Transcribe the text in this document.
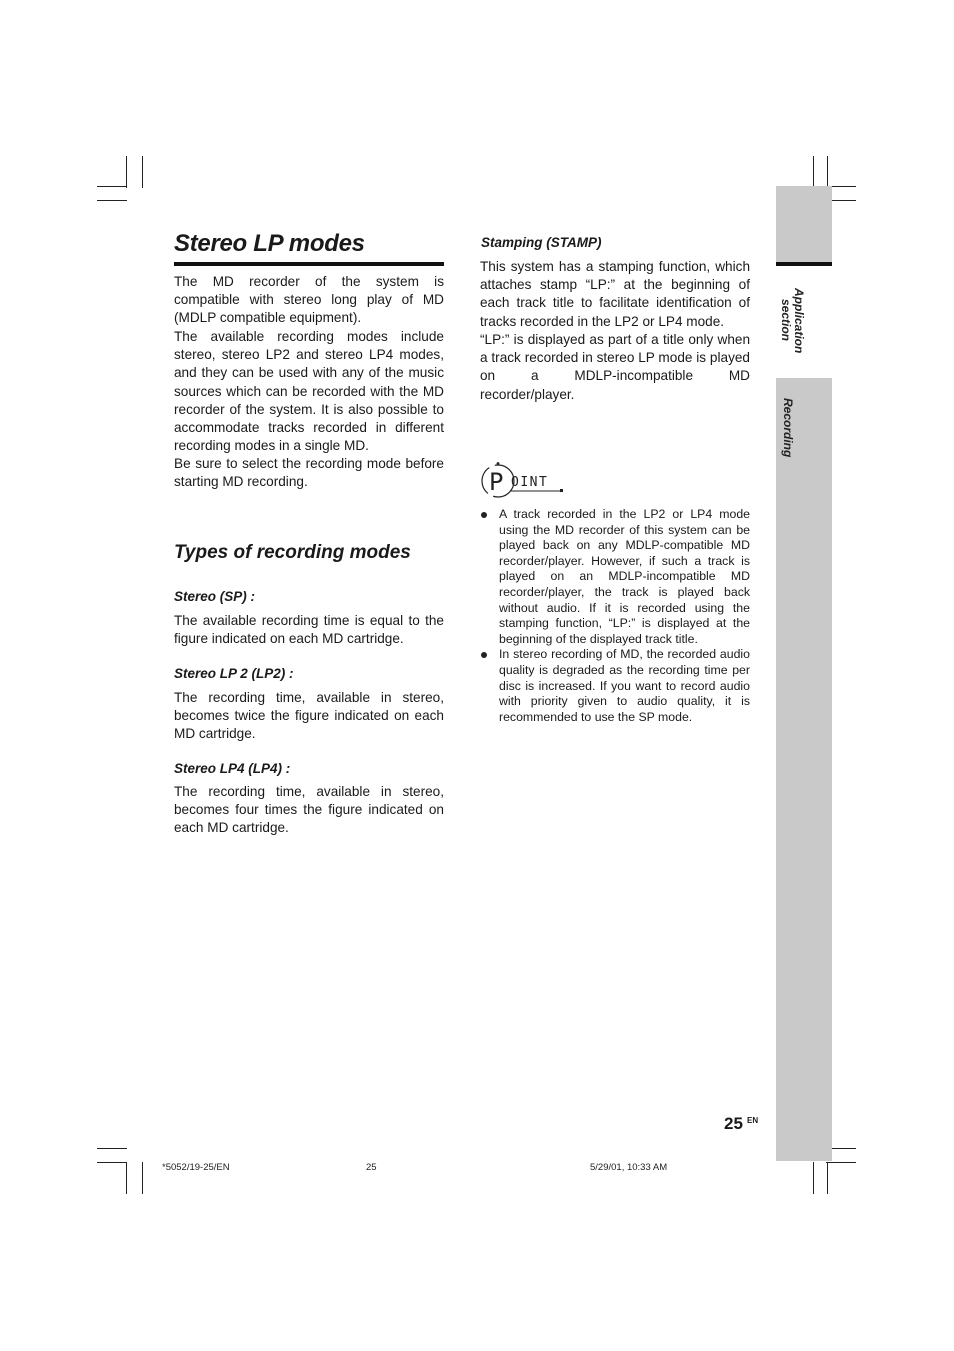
Application
section
Recording
Stereo LP modes

The MD recorder of the system is compatible with stereo long play of MD (MDLP compatible equipment).

The available recording modes include stereo, stereo LP2 and stereo LP4 modes, and they can be used with any of the music sources which can be recorded with the MD recorder of the system. It is also possible to accommodate tracks recorded in different recording modes in a single MD.

Be sure to select the recording mode before starting MD recording.

Types of recording modes
Stereo (SP) :

The available recording time is equal to the figure indicated on each MD cartridge.

Stereo LP 2 (LP2) :

The recording time, available in stereo, becomes twice the figure indicated on each MD cartridge.

Stereo LP4 (LP4) :

The recording time, available in stereo, becomes four times the figure indicated on each MD cartridge.

Stamping (STAMP)

This system has a stamping function, which attaches stamp “LP:” at the beginning of each track title to facilitate identification of tracks recorded in the LP2 or LP4 mode.

“LP:” is displayed as part of a title only when a track recorded in stereo LP mode is played on a MDLP-incompatible MD recorder/player.

P OINT
A track recorded in the LP2 or LP4 mode using the MD recorder of this system can be played back on any MDLP-compatible MD recorder/player. However, if such a track is played on an MDLP-incompatible MD recorder/player, the track is played back without audio. If it is recorded using the stamping function, “LP:” is displayed at the beginning of the displayed track title.
In stereo recording of MD, the recorded audio quality is degraded as the recording time per disc is increased. If you want to record audio with priority given to audio quality, it is recommended to use the SP mode.
25 EN
*5052/19-25/EN	25	5/29/01, 10:33 AM
